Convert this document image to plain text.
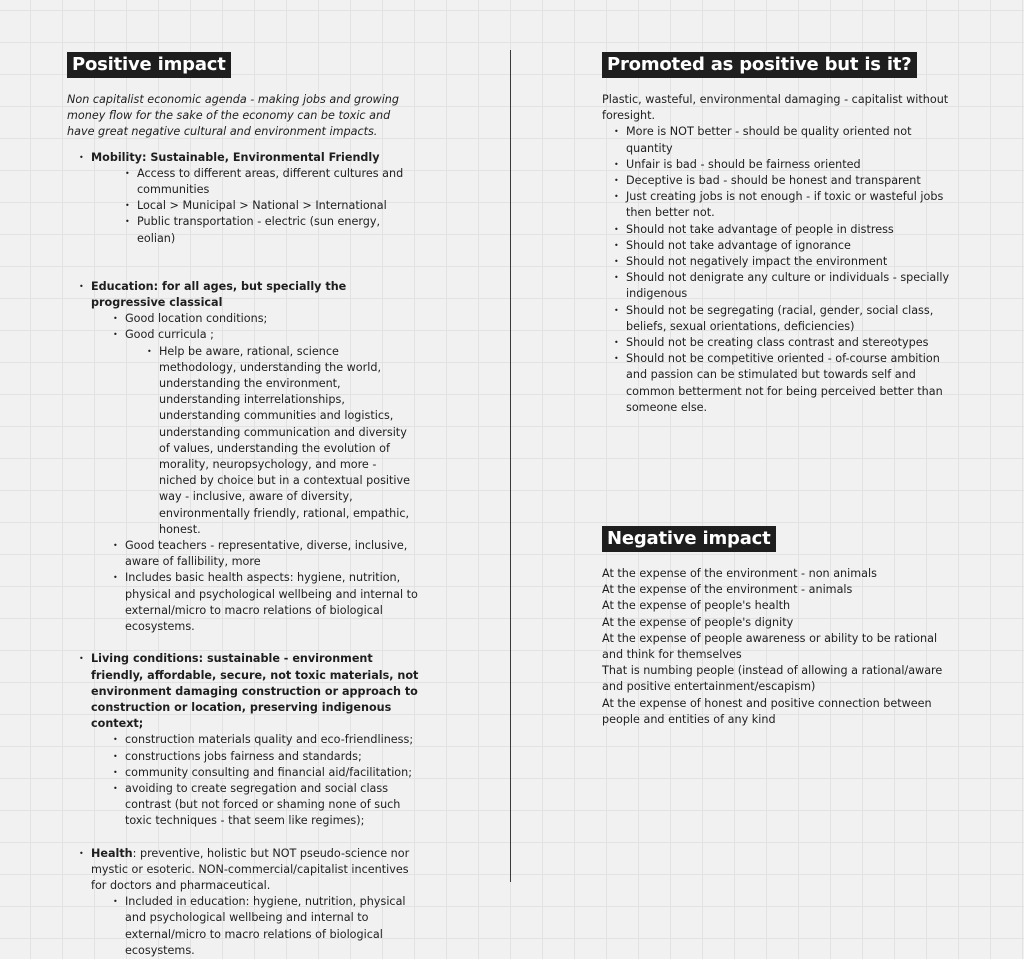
Positive impact

Non capitalist economic agenda - making jobs and growing money flow for the sake of the economy can be toxic and have great negative cultural and environment impacts.

• Mobility: Sustainable, Environmental Friendly
• Access to different areas, different cultures and communities
• Local > Municipal > National > International
• Public transportation - electric (sun energy, eolian)
• Education: for all ages, but specially the progressive classical
• Good location conditions;
• Good curricula ;
• Help be aware, rational, science methodology, understanding the world, understanding the environment, understanding interrelationships, understanding communities and logistics, understanding communication and diversity of values, understanding the evolution of morality, neuropsychology, and more - niched by choice but in a contextual positive way - inclusive, aware of diversity, environmentally friendly, rational, empathic, honest.
• Good teachers - representative, diverse, inclusive, aware of fallibility, more
• Includes basic health aspects: hygiene, nutrition, physical and psychological wellbeing and internal to external/micro to macro relations of biological ecosystems.
• Living conditions: sustainable - environment friendly, affordable, secure, not toxic materials, not environment damaging construction or approach to construction or location, preserving indigenous context;
• construction materials quality and eco-friendliness;
• constructions jobs fairness and standards;
• community consulting and financial aid/facilitation;
• avoiding to create segregation and social class contrast (but not forced or shaming none of such toxic techniques - that seem like regimes);
• Health: preventive, holistic but NOT pseudo-science nor mystic or esoteric. NON-commercial/capitalist incentives for doctors and pharmaceutical.
• Included in education: hygiene, nutrition, physical and psychological wellbeing and internal to external/micro to macro relations of biological ecosystems.
Promoted as positive but is it?

Plastic, wasteful, environmental damaging - capitalist without foresight.

• More is NOT better - should be quality oriented not quantity
• Unfair is bad - should be fairness oriented
• Deceptive is bad - should be honest and transparent
• Just creating jobs is not enough - if toxic or wasteful jobs then better not.
• Should not take advantage of people in distress
• Should not take advantage of ignorance
• Should not negatively impact the environment
• Should not denigrate any culture or individuals - specially indigenous
• Should not be segregating (racial, gender, social class, beliefs, sexual orientations, deficiencies)
• Should not be creating class contrast and stereotypes
• Should not be competitive oriented - of-course ambition and passion can be stimulated but towards self and common betterment not for being perceived better than someone else.
Negative impact

At the expense of the environment - non animals

At the expense of the environment - animals

At the expense of people's health

At the expense of people's dignity

At the expense of people awareness or ability to be rational and think for themselves

That is numbing people (instead of allowing a rational/aware and positive entertainment/escapism)

At the expense of honest and positive connection between people and entities of any kind
